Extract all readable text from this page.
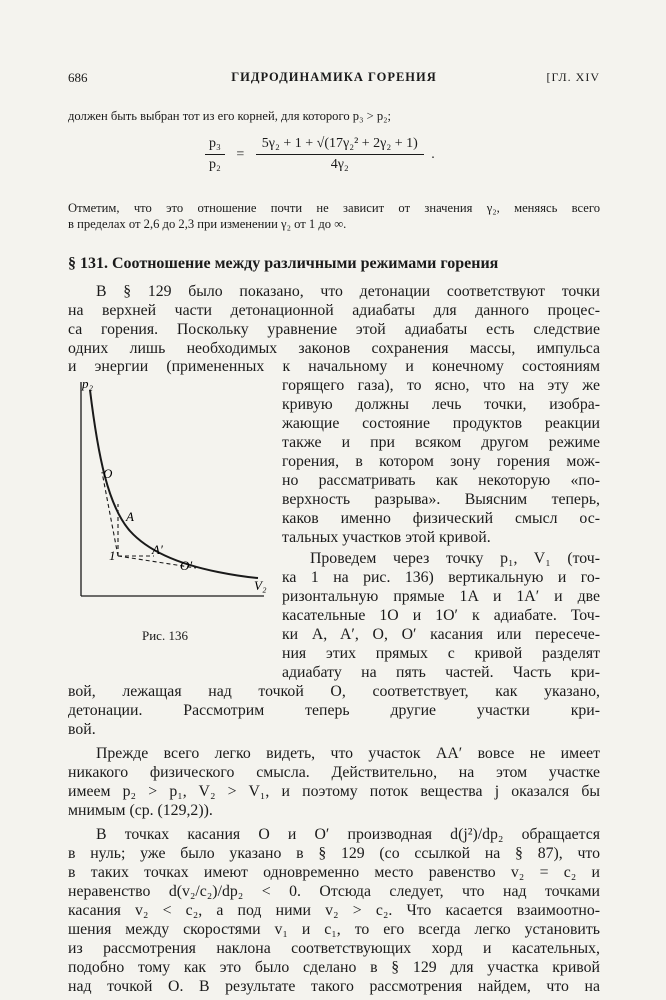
686	ГИДРОДИНАМИКА ГОРЕНИЯ	[ГЛ. XIV
должен быть выбран тот из его корней, для которого p₃ > p₂;
$\frac{\text{p₃}}{\text{p₂}} = \frac{\text{5γ₂ + 1 + √(17γ₂² + 2γ₂ + 1)}}{\text{4γ₂}}$ .
Отметим, что это отношение почти не зависит от значения γ₂, меняясь всего
в пределах от 2,6 до 2,3 при изменении γ₂ от 1 до ∞.
§ 131. Соотношение между различными режимами горения
В § 129 было показано, что детонации соответствуют точки
на верхней части детонационной адиабаты для данного процес-
са горения. Поскольку уравнение этой адиабаты есть следствие
одних лишь необходимых законов сохранения массы, импульса
и энергии (примененных к начальному и конечному состояниям
горящего газа), то ясно, что на эту же
кривую должны лечь точки, изобра-
жающие состояние продуктов реакции
также и при всяком другом режиме
горения, в котором зону горения мож-
но рассматривать как некоторую «по-
верхность разрыва». Выясним теперь,
каков именно физический смысл ос-
тальных участков этой кривой.
Проведем через точку p₁, V₁ (точ-
ка 1 на рис. 136) вертикальную и го-
ризонтальную прямые 1A и 1A′ и две
касательные 1O и 1O′ к адиабате. Точ-
ки A, A′, O, O′ касания или пересече-
ния этих прямых с кривой разделят
адиабату на пять частей. Часть кри-
вой, лежащая над точкой O, соответствует, как указано,
детонации. Рассмотрим теперь другие участки кри-
вой.
Прежде всего легко видеть, что участок AA′ вовсе не имеет
никакого физического смысла. Действительно, на этом участке
имеем p₂ > p₁, V₂ > V₁, и поэтому поток вещества j оказался бы
мнимым (ср. (129,2)).
В точках касания O и O′ производная d(j²)/dp₂ обращается
в нуль; уже было указано в § 129 (со ссылкой на § 87), что
в таких точках имеют одновременно место равенство v₂ = c₂ и
неравенство d(v₂/c₂)/dp₂ < 0. Отсюда следует, что над точками
касания v₂ < c₂, а под ними v₂ > c₂. Что касается взаимоотно-
шения между скоростями v₁ и c₁, то его всегда легко установить
из рассмотрения наклона соответствующих хорд и касательных,
подобно тому как это было сделано в § 129 для участка кривой
над точкой O. В результате такого рассмотрения найдем, что на
p₂
V₂
O
A
1	A′
O′
Рис. 136
